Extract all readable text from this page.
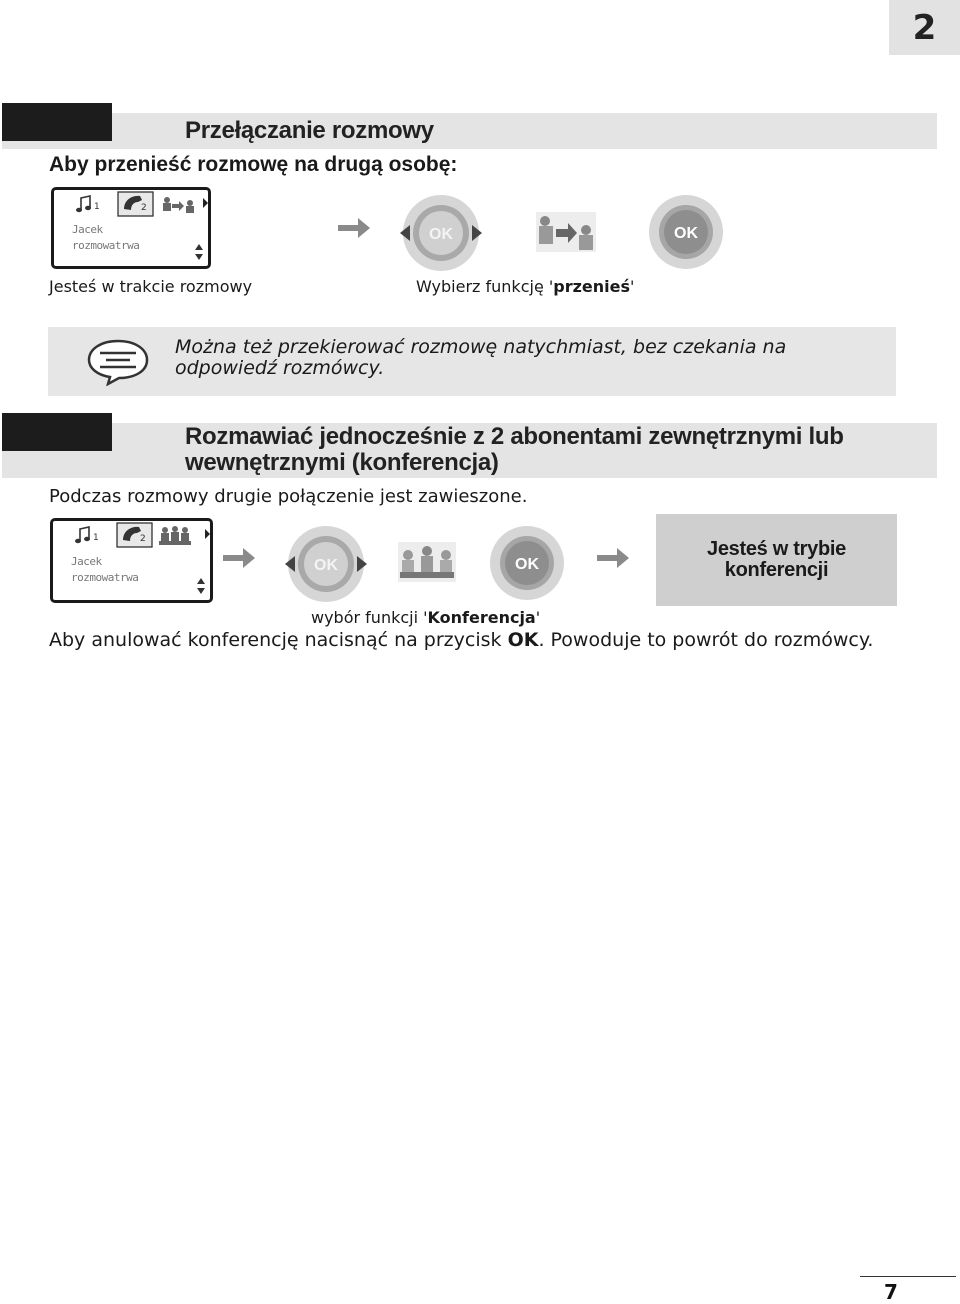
2
Przełączanie rozmowy
Aby przenieść rozmowę na drugą osobę:
1	2
Jacek
rozmowatrwa
OK	OK
Jesteś w trakcie rozmowy	Wybierz funkcję 'przenieś'
Można też przekierować rozmowę natychmiast, bez czekania na odpowiedź rozmówcy.
Rozmawiać jednocześnie z 2 abonentami zewnętrznymi lub
wewnętrznymi (konferencja)
Podczas rozmowy drugie połączenie jest zawieszone.
1	2
Jacek
rozmowatrwa
OK	OK
Jesteś w trybie
konferencji
wybór funkcji 'Konferencja'
Aby anulować konferencję nacisnąć na przycisk OK. Powoduje to powrót do rozmówcy.
7
